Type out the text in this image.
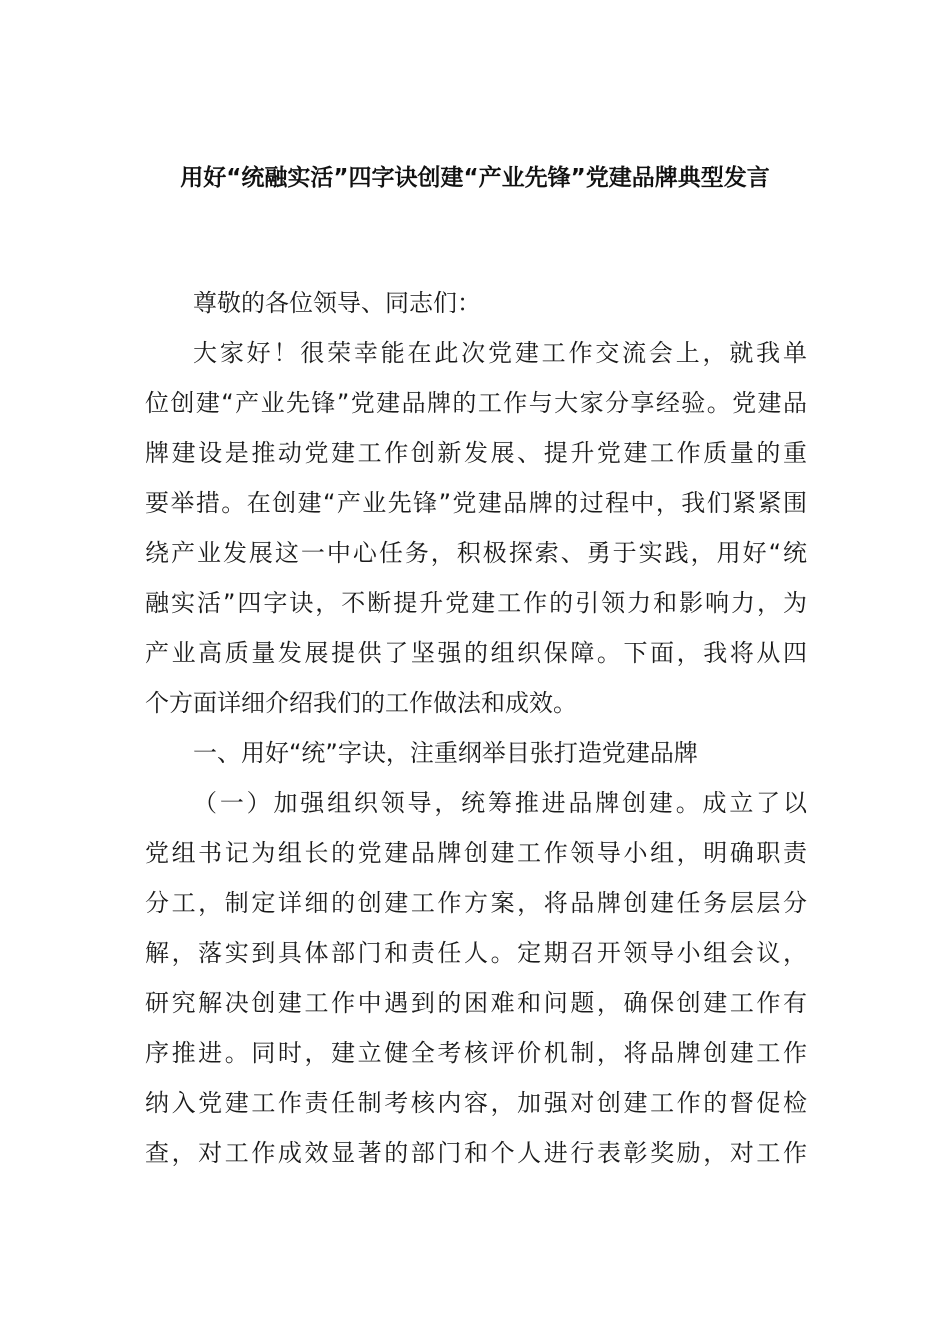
用好“统融实活”四字诀创建“产业先锋”党建品牌典型发言
尊敬的各位领导、同志们：
大家好！很荣幸能在此次党建工作交流会上，就我单
位创建“产业先锋”党建品牌的工作与大家分享经验。党建品
牌建设是推动党建工作创新发展、提升党建工作质量的重
要举措。在创建“产业先锋”党建品牌的过程中，我们紧紧围
绕产业发展这一中心任务，积极探索、勇于实践，用好“统
融实活”四字诀，不断提升党建工作的引领力和影响力，为
产业高质量发展提供了坚强的组织保障。下面，我将从四
个方面详细介绍我们的工作做法和成效。
一、用好“统”字诀，注重纲举目张打造党建品牌
（一）加强组织领导，统筹推进品牌创建。成立了以
党组书记为组长的党建品牌创建工作领导小组，明确职责
分工，制定详细的创建工作方案，将品牌创建任务层层分
解，落实到具体部门和责任人。定期召开领导小组会议，
研究解决创建工作中遇到的困难和问题，确保创建工作有
序推进。同时，建立健全考核评价机制，将品牌创建工作
纳入党建工作责任制考核内容，加强对创建工作的督促检
查，对工作成效显著的部门和个人进行表彰奖励，对工作
